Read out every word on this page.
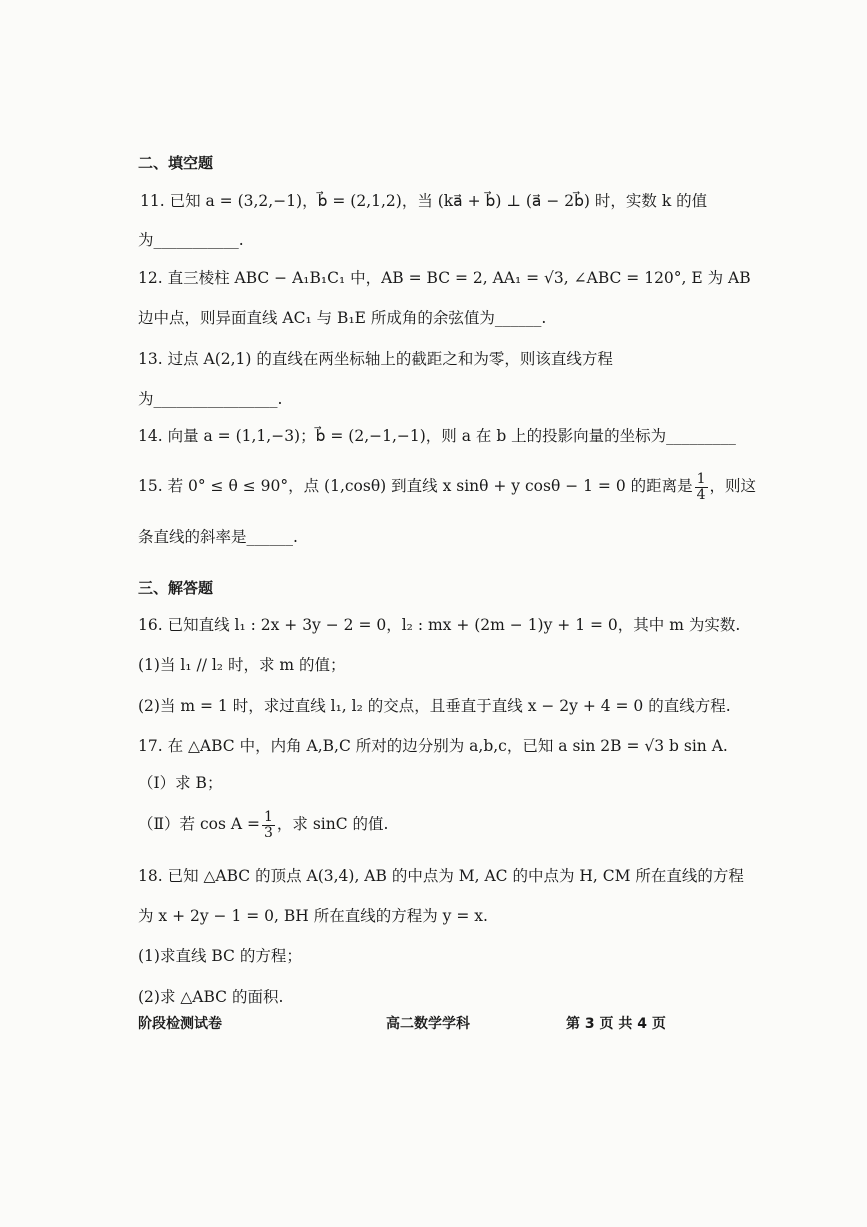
二、填空题
11. 已知 a = (3,2,−1)，b⃗ = (2,1,2)，当 (ka⃗ + b⃗) ⊥ (a⃗ − 2b⃗) 时，实数 k 的值
为___________.
12. 直三棱柱 ABC − A₁B₁C₁ 中，AB = BC = 2, AA₁ = √3, ∠ABC = 120°, E 为 AB
边中点，则异面直线 AC₁ 与 B₁E 所成角的余弦值为______.
13. 过点 A(2,1) 的直线在两坐标轴上的截距之和为零，则该直线方程
为________________.
14. 向量 a = (1,1,−3)；b⃗ = (2,−1,−1)，则 a 在 b 上的投影向量的坐标为_________
15. 若 0° ≤ θ ≤ 90°，点 (1,cosθ) 到直线 x sinθ + y cosθ − 1 = 0 的距离是 $\frac{1}{4}$ ，则这
条直线的斜率是______.
三、解答题
16. 已知直线 l₁ : 2x + 3y − 2 = 0，l₂ : mx + (2m − 1)y + 1 = 0，其中 m 为实数.
(1)当 l₁ // l₂ 时，求 m 的值；
(2)当 m = 1 时，求过直线 l₁, l₂ 的交点，且垂直于直线 x − 2y + 4 = 0 的直线方程.
17. 在 △ABC 中，内角 A,B,C 所对的边分别为 a,b,c，已知 a sin 2B = √3 b sin A.
（Ⅰ）求 B；
（Ⅱ）若 $\cos A = \frac{1}{3}$ ，求 sinC 的值.
18. 已知 △ABC 的顶点 A(3,4), AB 的中点为 M, AC 的中点为 H, CM 所在直线的方程
为 x + 2y − 1 = 0, BH 所在直线的方程为 y = x.
(1)求直线 BC 的方程；
(2)求 △ABC 的面积.
阶段检测试卷	高二数学学科	第 3 页 共 4 页
